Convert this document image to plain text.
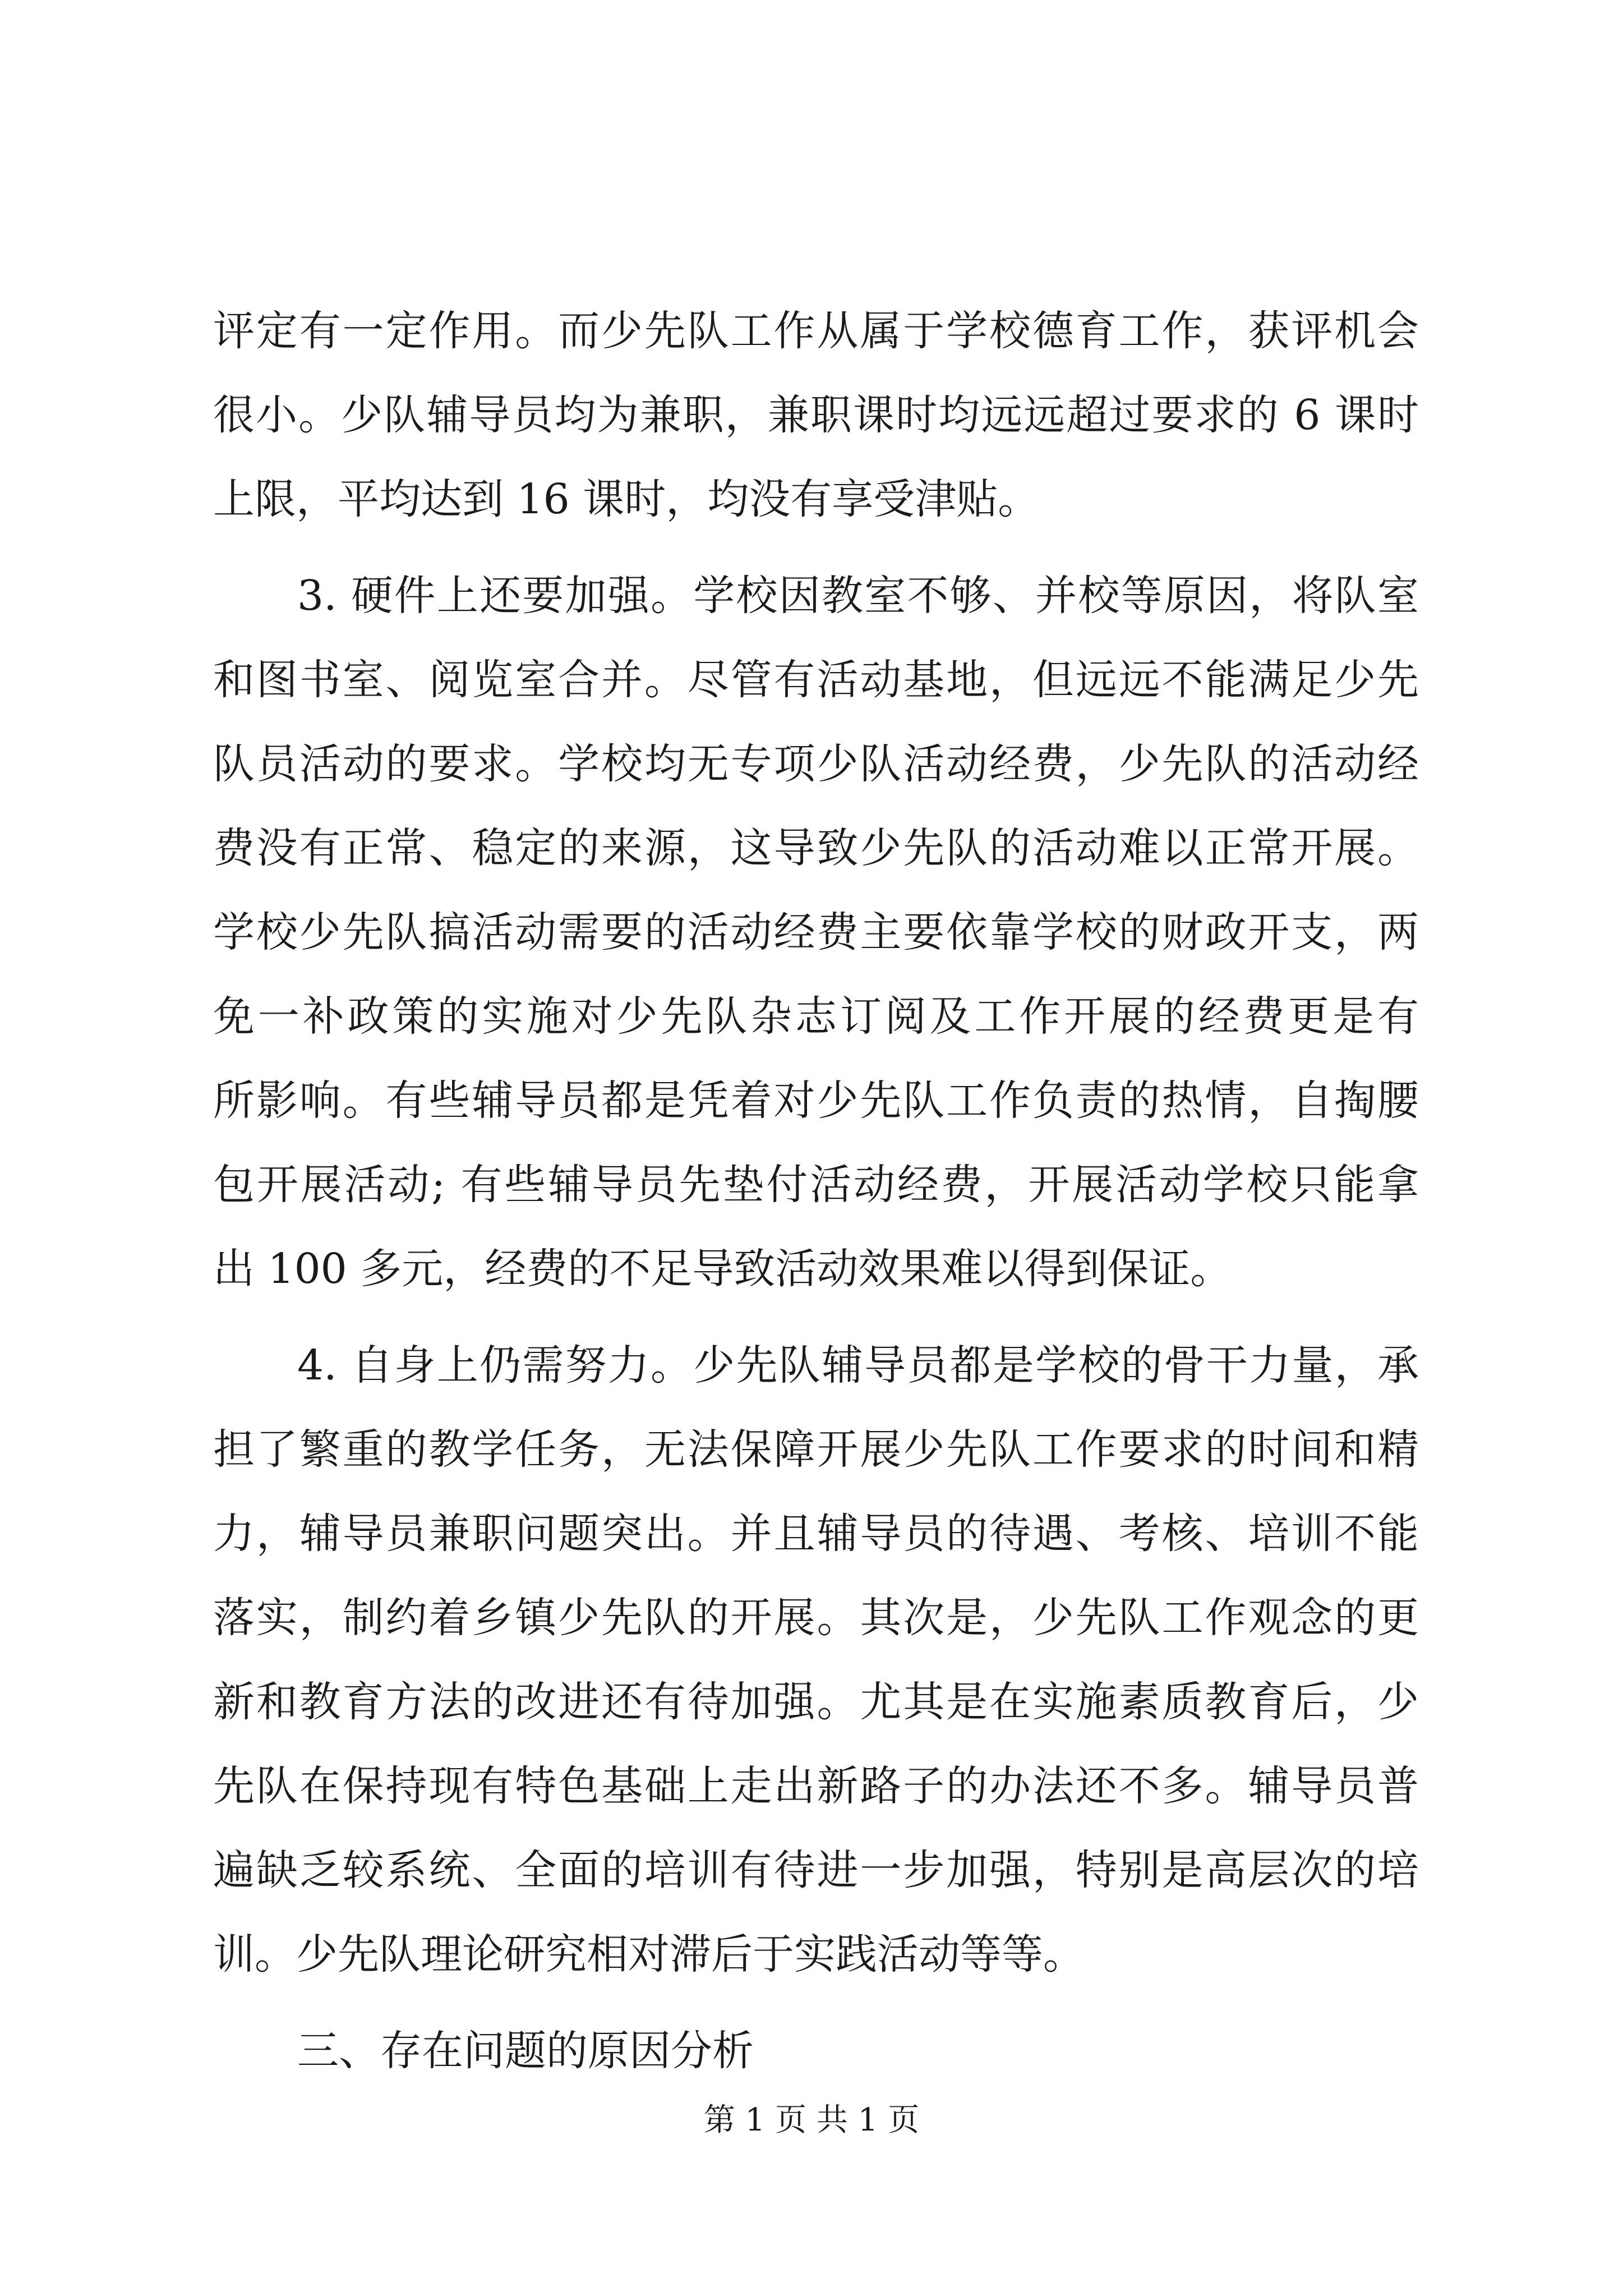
评定有一定作用。而少先队工作从属于学校德育工作，获评机会
很小。少队辅导员均为兼职，兼职课时均远远超过要求的 6 课时
上限，平均达到 16 课时，均没有享受津贴。
3. 硬件上还要加强。学校因教室不够、并校等原因，将队室
和图书室、阅览室合并。尽管有活动基地，但远远不能满足少先
队员活动的要求。学校均无专项少队活动经费，少先队的活动经
费没有正常、稳定的来源，这导致少先队的活动难以正常开展。
学校少先队搞活动需要的活动经费主要依靠学校的财政开支，两
免一补政策的实施对少先队杂志订阅及工作开展的经费更是有
所影响。有些辅导员都是凭着对少先队工作负责的热情，自掏腰
包开展活动; 有些辅导员先垫付活动经费，开展活动学校只能拿
出 100 多元，经费的不足导致活动效果难以得到保证。
4. 自身上仍需努力。少先队辅导员都是学校的骨干力量，承
担了繁重的教学任务，无法保障开展少先队工作要求的时间和精
力，辅导员兼职问题突出。并且辅导员的待遇、考核、培训不能
落实，制约着乡镇少先队的开展。其次是，少先队工作观念的更
新和教育方法的改进还有待加强。尤其是在实施素质教育后，少
先队在保持现有特色基础上走出新路子的办法还不多。辅导员普
遍缺乏较系统、全面的培训有待进一步加强，特别是高层次的培
训。少先队理论研究相对滞后于实践活动等等。
三、存在问题的原因分析
第 1 页 共 1 页
